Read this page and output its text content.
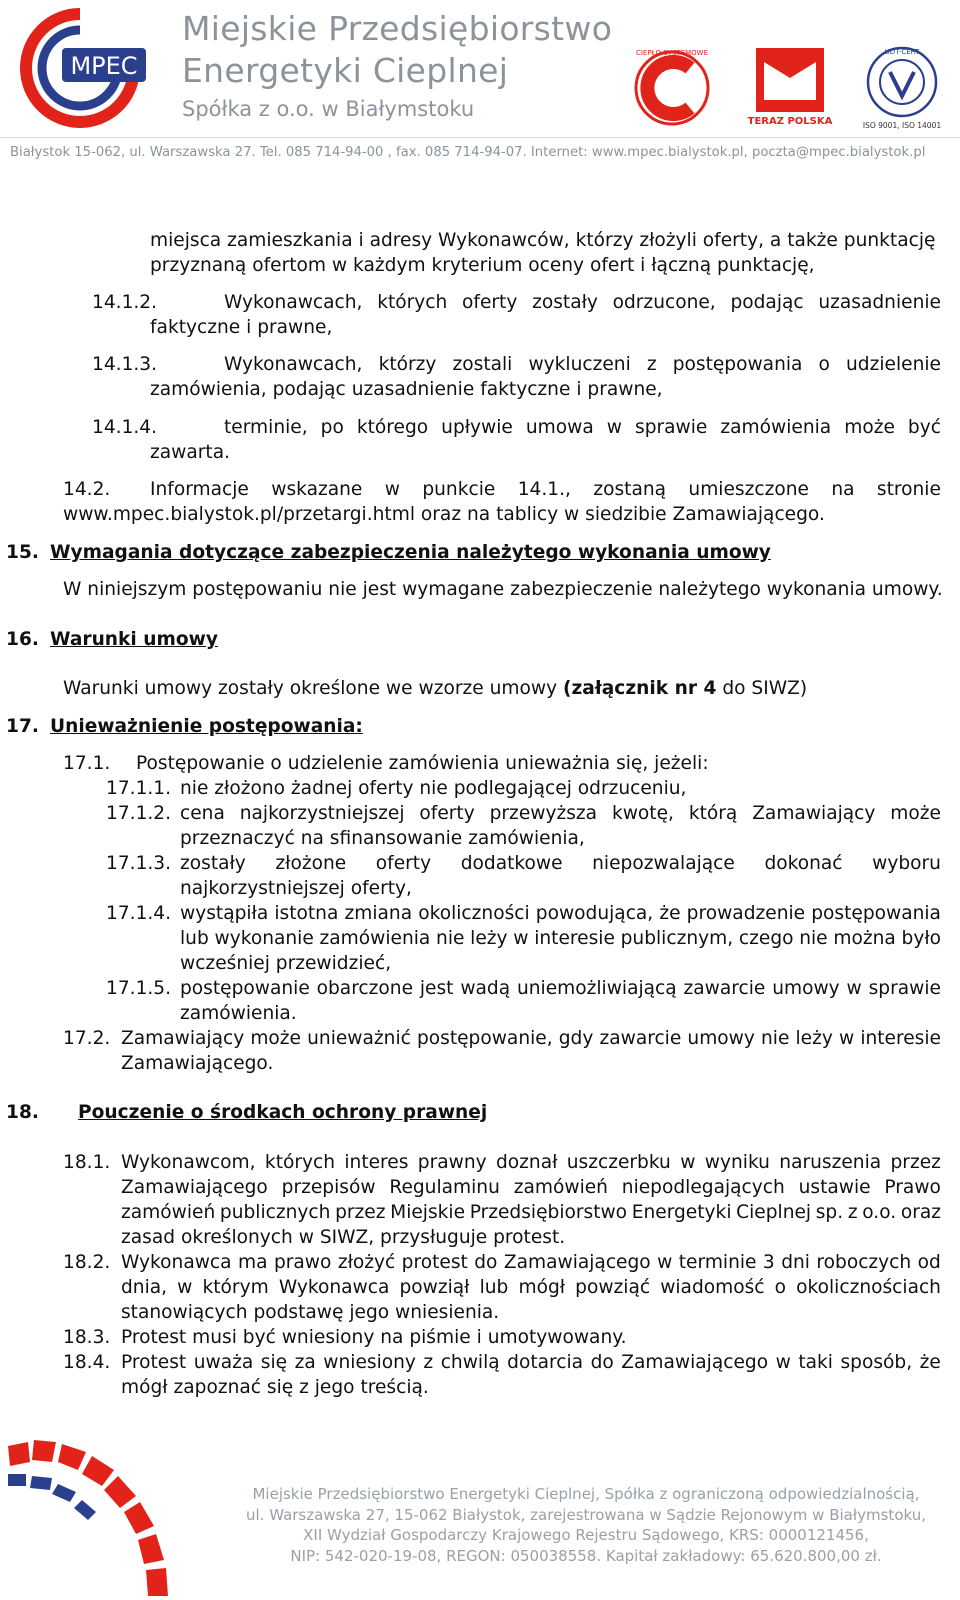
MPEC
Miejskie Przedsiębiorstwo
Energetyki Cieplnej
Spółka z o.o. w Białymstoku
CIEPŁO SYSTEMOWE
TERAZ POLSKA
UDT-CERT
ISO 9001, ISO 14001
Białystok 15-062, ul. Warszawska 27. Tel. 085 714-94-00 , fax. 085 714-94-07. Internet: www.mpec.bialystok.pl, poczta@mpec.bialystok.pl
miejsca zamieszkania i adresy Wykonawców, którzy złożyli oferty, a także punktację
przyznaną ofertom w każdym kryterium oceny ofert i łączną punktację,
14.1.2.	Wykonawcach, których oferty zostały odrzucone, podając uzasadnienie
faktyczne i prawne,
14.1.3.	Wykonawcach, którzy zostali wykluczeni z postępowania o udzielenie
zamówienia, podając uzasadnienie faktyczne i prawne,
14.1.4.	terminie, po którego upływie umowa w sprawie zamówienia może być
zawarta.
14.2. Informacje wskazane w punkcie 14.1., zostaną umieszczone na stronie
www.mpec.bialystok.pl/przetargi.html oraz na tablicy w siedzibie Zamawiającego.
15. Wymagania dotyczące zabezpieczenia należytego wykonania umowy
W niniejszym postępowaniu nie jest wymagane zabezpieczenie należytego wykonania umowy.
16. Warunki umowy
Warunki umowy zostały określone we wzorze umowy (załącznik nr 4 do SIWZ)
17. Unieważnienie postępowania:
17.1. Postępowanie o udzielenie zamówienia unieważnia się, jeżeli:
17.1.1. nie złożono żadnej oferty nie podlegającej odrzuceniu,
17.1.2. cena najkorzystniejszej oferty przewyższa kwotę, którą Zamawiający może
przeznaczyć na sfinansowanie zamówienia,
17.1.3. zostały złożone oferty dodatkowe niepozwalające dokonać wyboru
najkorzystniejszej oferty,
17.1.4. wystąpiła istotna zmiana okoliczności powodująca, że prowadzenie postępowania
lub wykonanie zamówienia nie leży w interesie publicznym, czego nie można było
wcześniej przewidzieć,
17.1.5. postępowanie obarczone jest wadą uniemożliwiającą zawarcie umowy w sprawie
zamówienia.
17.2. Zamawiający może unieważnić postępowanie, gdy zawarcie umowy nie leży w interesie
Zamawiającego.
18. Pouczenie o środkach ochrony prawnej
18.1. Wykonawcom, których interes prawny doznał uszczerbku w wyniku naruszenia przez
Zamawiającego przepisów Regulaminu zamówień niepodlegających ustawie Prawo
zamówień publicznych przez Miejskie Przedsiębiorstwo Energetyki Cieplnej sp. z o.o. oraz
zasad określonych w SIWZ, przysługuje protest.
18.2. Wykonawca ma prawo złożyć protest do Zamawiającego w terminie 3 dni roboczych od
dnia, w którym Wykonawca powziął lub mógł powziąć wiadomość o okolicznościach
stanowiących podstawę jego wniesienia.
18.3. Protest musi być wniesiony na piśmie i umotywowany.
18.4. Protest uważa się za wniesiony z chwilą dotarcia do Zamawiającego w taki sposób, że
mógł zapoznać się z jego treścią.
Miejskie Przedsiębiorstwo Energetyki Cieplnej, Spółka z ograniczoną odpowiedzialnością,
ul. Warszawska 27, 15-062 Białystok, zarejestrowana w Sądzie Rejonowym w Białymstoku,
XII Wydział Gospodarczy Krajowego Rejestru Sądowego, KRS: 0000121456,
NIP: 542-020-19-08, REGON: 050038558. Kapitał zakładowy: 65.620.800,00 zł.
